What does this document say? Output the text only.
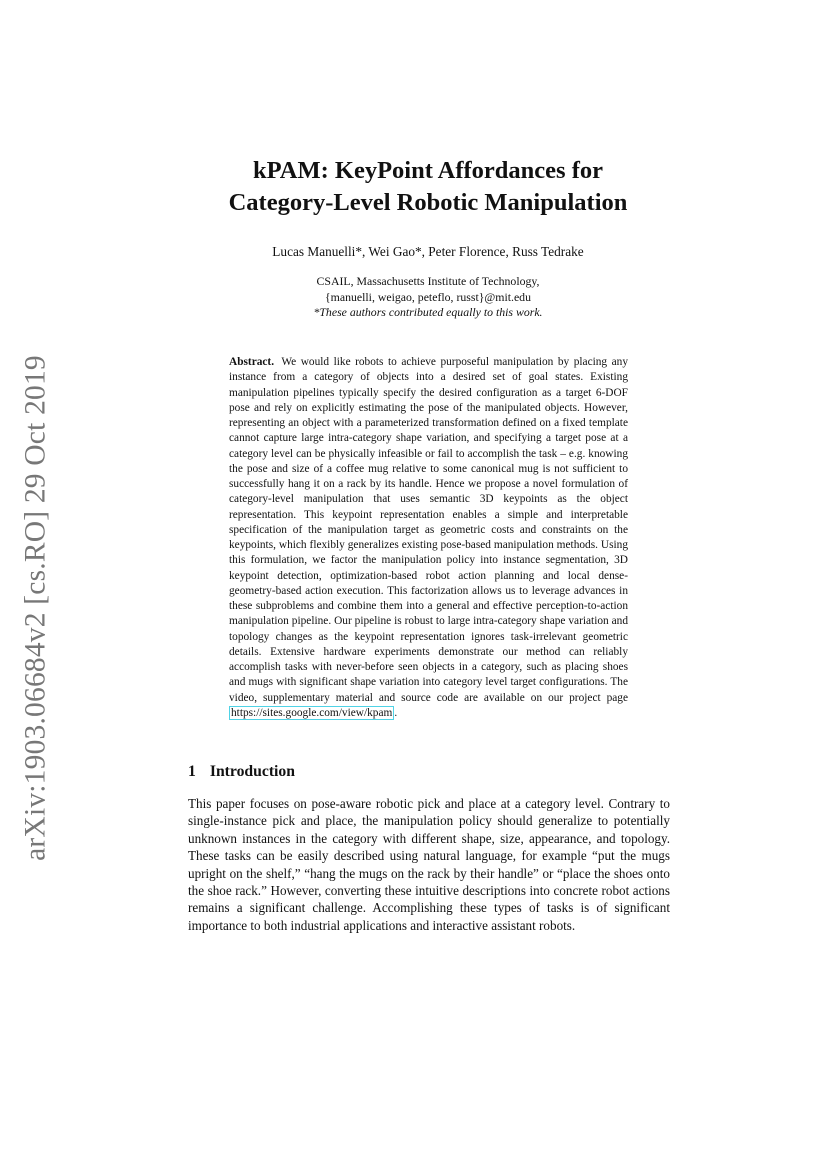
arXiv:1903.06684v2 [cs.RO] 29 Oct 2019
kPAM: KeyPoint Affordances for
Category-Level Robotic Manipulation
Lucas Manuelli*, Wei Gao*, Peter Florence, Russ Tedrake
CSAIL, Massachusetts Institute of Technology,
{manuelli, weigao, peteflo, russt}@mit.edu
*These authors contributed equally to this work.

Abstract. We would like robots to achieve purposeful manipulation by placing any instance from a category of objects into a desired set of goal states. Existing manipulation pipelines typically specify the desired configuration as a target 6-DOF pose and rely on explicitly estimating the pose of the manipulated objects. However, representing an object with a parameterized transformation defined on a fixed template cannot capture large intra-category shape variation, and specifying a target pose at a category level can be physically infeasible or fail to accomplish the task – e.g. knowing the pose and size of a coffee mug relative to some canonical mug is not sufficient to successfully hang it on a rack by its handle. Hence we propose a novel formulation of category-level manipulation that uses semantic 3D keypoints as the object representation. This keypoint representation enables a simple and interpretable specification of the manipulation target as geometric costs and constraints on the keypoints, which flexibly generalizes existing pose-based manipulation methods. Using this formulation, we factor the manipulation policy into instance segmentation, 3D keypoint detection, optimization-based robot action planning and local dense-geometry-based action execution. This factorization allows us to leverage advances in these subproblems and combine them into a general and effective perception-to-action manipulation pipeline. Our pipeline is robust to large intra-category shape variation and topology changes as the keypoint representation ignores task-irrelevant geometric details. Extensive hardware experiments demonstrate our method can reliably accomplish tasks with never-before seen objects in a category, such as placing shoes and mugs with significant shape variation into category level target configurations. The video, supplementary material and source code are available on our project page https://sites.google.com/view/kpam .

1 Introduction

This paper focuses on pose-aware robotic pick and place at a category level. Contrary to single-instance pick and place, the manipulation policy should generalize to potentially unknown instances in the category with different shape, size, appearance, and topology. These tasks can be easily described using natural language, for example “put the mugs upright on the shelf,” “hang the mugs on the rack by their handle” or “place the shoes onto the shoe rack.” However, converting these intuitive descriptions into concrete robot actions remains a significant challenge. Accomplishing these types of tasks is of significant importance to both industrial applications and interactive assistant robots.
